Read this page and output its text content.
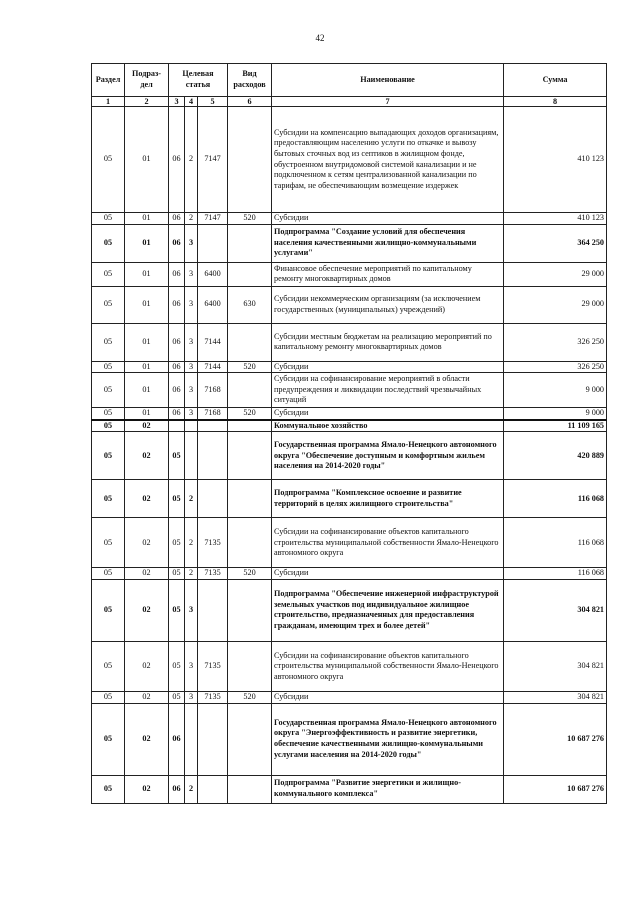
42
Раздел	Подраз-дел	Целевая статья			Вид расходов	Наименование	Сумма
1	2	3	4	5	6	7	8
05	01	06	2	7147		Субсидии на компенсацию выпадающих доходов организациям, предоставляющим населению услуги по откачке и вывозу бытовых сточных вод из септиков в жилищном фонде, обустроенном внутридомовой системой канализации и не подключенном к сетям централизованной канализации по тарифам, не обеспечивающим возмещение издержек	410 123
05	01	06	2	7147	520	Субсидии	410 123
05	01	06	3			Подпрограмма "Создание условий для обеспечения населения качественными жилищно-коммунальными услугами"	364 250
05	01	06	3	6400		Финансовое обеспечение мероприятий по капитальному ремонту многоквартирных домов	29 000
05	01	06	3	6400	630	Субсидии некоммерческим организациям (за исключением государственных (муниципальных) учреждений)	29 000
05	01	06	3	7144		Субсидии местным бюджетам на реализацию мероприятий по капитальному ремонту многоквартирных домов	326 250
05	01	06	3	7144	520	Субсидии	326 250
05	01	06	3	7168		Субсидии на софинансирование мероприятий в области предупреждения и ликвидации последствий чрезвычайных ситуаций	9 000
05	01	06	3	7168	520	Субсидии	9 000
05	02					Коммунальное хозяйство	11 109 165
05	02	05				Государственная программа Ямало-Ненецкого автономного округа "Обеспечение доступным и комфортным жильем населения на 2014-2020 годы"	420 889
05	02	05	2			Подпрограмма "Комплексное освоение и развитие территорий в целях жилищного строительства"	116 068
05	02	05	2	7135		Субсидии на софинансирование объектов капитального строительства муниципальной собственности Ямало-Ненецкого автономного округа	116 068
05	02	05	2	7135	520	Субсидии	116 068
05	02	05	3			Подпрограмма "Обеспечение инженерной инфраструктурой земельных участков под индивидуальное жилищное строительство, предназначенных для предоставления гражданам, имеющим трех и более детей"	304 821
05	02	05	3	7135		Субсидии на софинансирование объектов капитального строительства муниципальной собственности Ямало-Ненецкого автономного округа	304 821
05	02	05	3	7135	520	Субсидии	304 821
05	02	06				Государственная программа Ямало-Ненецкого автономного округа "Энергоэффективность и развитие энергетики, обеспечение качественными жилищно-коммунальными услугами населения на 2014-2020 годы"	10 687 276
05	02	06	2			Подпрограмма "Развитие энергетики и жилищно-коммунального комплекса"	10 687 276
